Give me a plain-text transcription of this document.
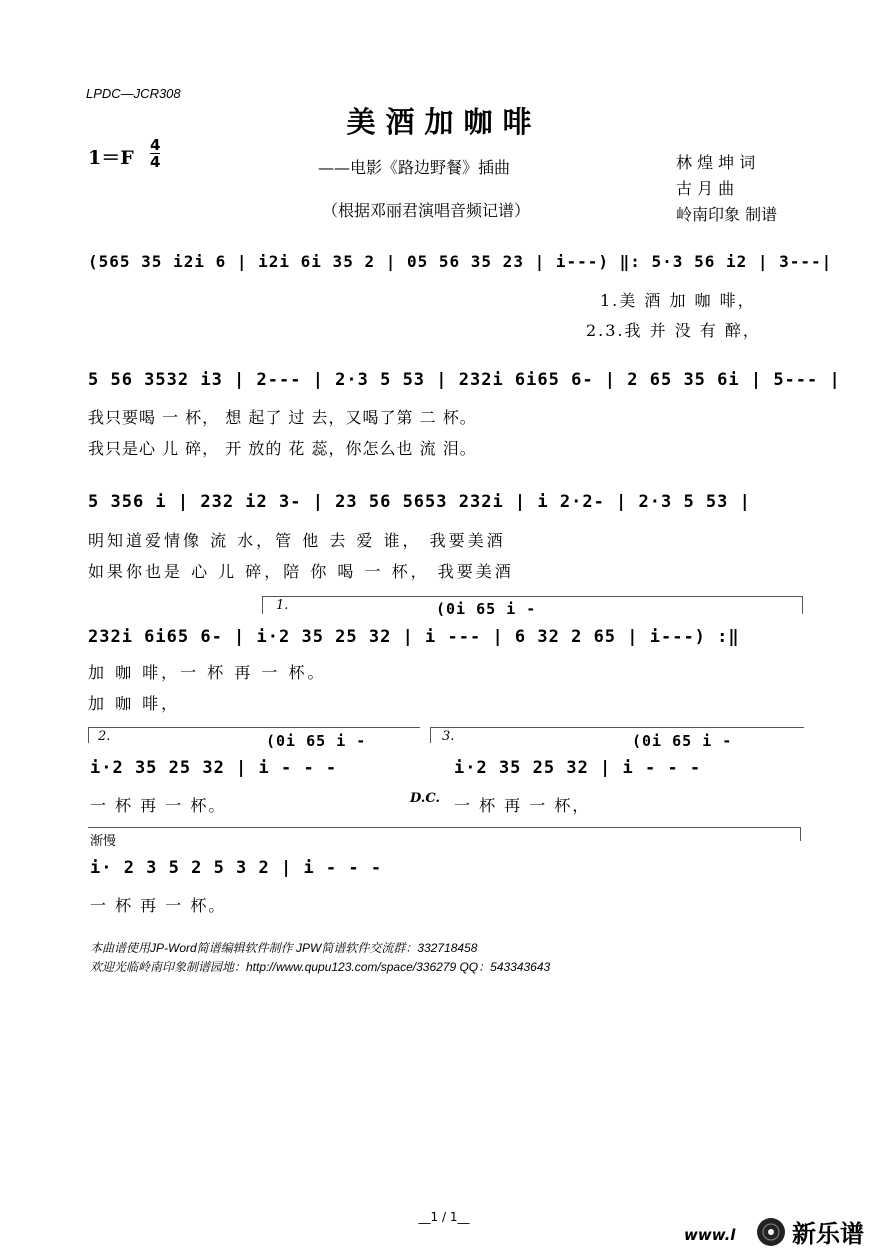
LPDC—JCR308
美酒加咖啡
1＝F
4
4	——电影《路边野餐》插曲
（根据邓丽君演唱音频记谱）
林 煌 坤 词
古 月 曲
岭南印象 制谱
(565 35 i2i 6 | i2i 6i 35 2 | 05 56 35 23 | i---) ‖: 5·3 56 i2 | 3---|
1.美 酒 加 咖 啡，
2.3.我 并 没 有 醉，
5 56 3532 i3 | 2--- | 2·3 5 53 | 232i 6i65 6- | 2 65 35 6i | 5--- |
我只要喝 一 杯， 想 起了 过 去，又喝了第 二 杯。
我只是心 儿 碎， 开 放的 花 蕊，你怎么也 流 泪。
5 356 i | 232 i2 3- | 23 56 5653 232i | i 2·2- | 2·3 5 53 |
明知道爱情像 流 水，管 他 去 爱 谁， 我要美酒
如果你也是 心 儿 碎，陪 你 喝 一 杯， 我要美酒
1.	(0i 65 i -
232i 6i65 6- | i·2 35 25 32 | i --- | 6 32 2 65 | i---) :‖
加 咖 啡，一 杯 再 一 杯。
加 咖 啡，
2.	3.
(0i 65 i -	(0i 65 i -
i·2 35 25 32 | i - - -	i·2 35 25 32 | i - - -
一 杯 再 一 杯。	D.C. 一 杯 再 一 杯，
渐慢
i· 2 3 5 2 5 3 2 | i - - -
一 杯 再 一 杯。
本曲谱使用JP-Word简谱编辑软件制作 JPW简谱软件交流群：332718458
欢迎光临岭南印象制谱园地：http://www.qupu123.com/space/336279 QQ：543343643
__1 / 1__
www.l 新乐谱
